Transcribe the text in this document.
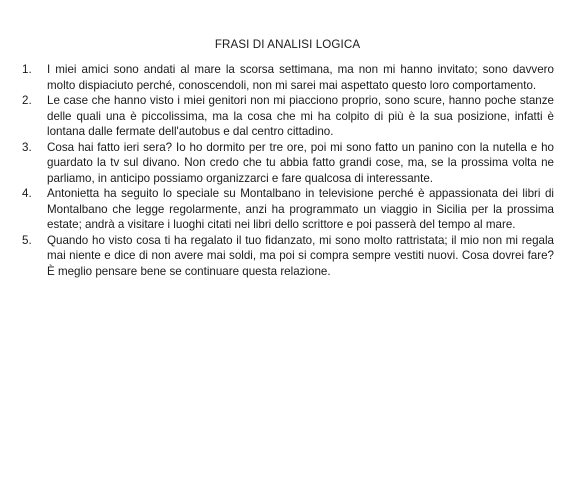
FRASI DI ANALISI LOGICA
1. I miei amici sono andati al mare la scorsa settimana, ma non mi hanno invitato; sono davvero molto dispiaciuto perché, conoscendoli, non mi sarei mai aspettato questo loro comportamento.
2. Le case che hanno visto i miei genitori non mi piacciono proprio, sono scure, hanno poche stanze delle quali una è piccolissima, ma la cosa che mi ha colpito di più è la sua posizione, infatti è lontana dalle fermate dell'autobus e dal centro cittadino.
3. Cosa hai fatto ieri sera? Io ho dormito per tre ore, poi mi sono fatto un panino con la nutella e ho guardato la tv sul divano. Non credo che tu abbia fatto grandi cose, ma, se la prossima volta ne parliamo, in anticipo possiamo organizzarci e fare qualcosa di interessante.
4. Antonietta ha seguito lo speciale su Montalbano in televisione perché è appassionata dei libri di Montalbano che legge regolarmente, anzi ha programmato un viaggio in Sicilia per la prossima estate; andrà a visitare i luoghi citati nei libri dello scrittore e poi passerà del tempo al mare.
5. Quando ho visto cosa ti ha regalato il tuo fidanzato, mi sono molto rattristata; il mio non mi regala mai niente e dice di non avere mai soldi, ma poi si compra sempre vestiti nuovi. Cosa dovrei fare? È meglio pensare bene se continuare questa relazione.
